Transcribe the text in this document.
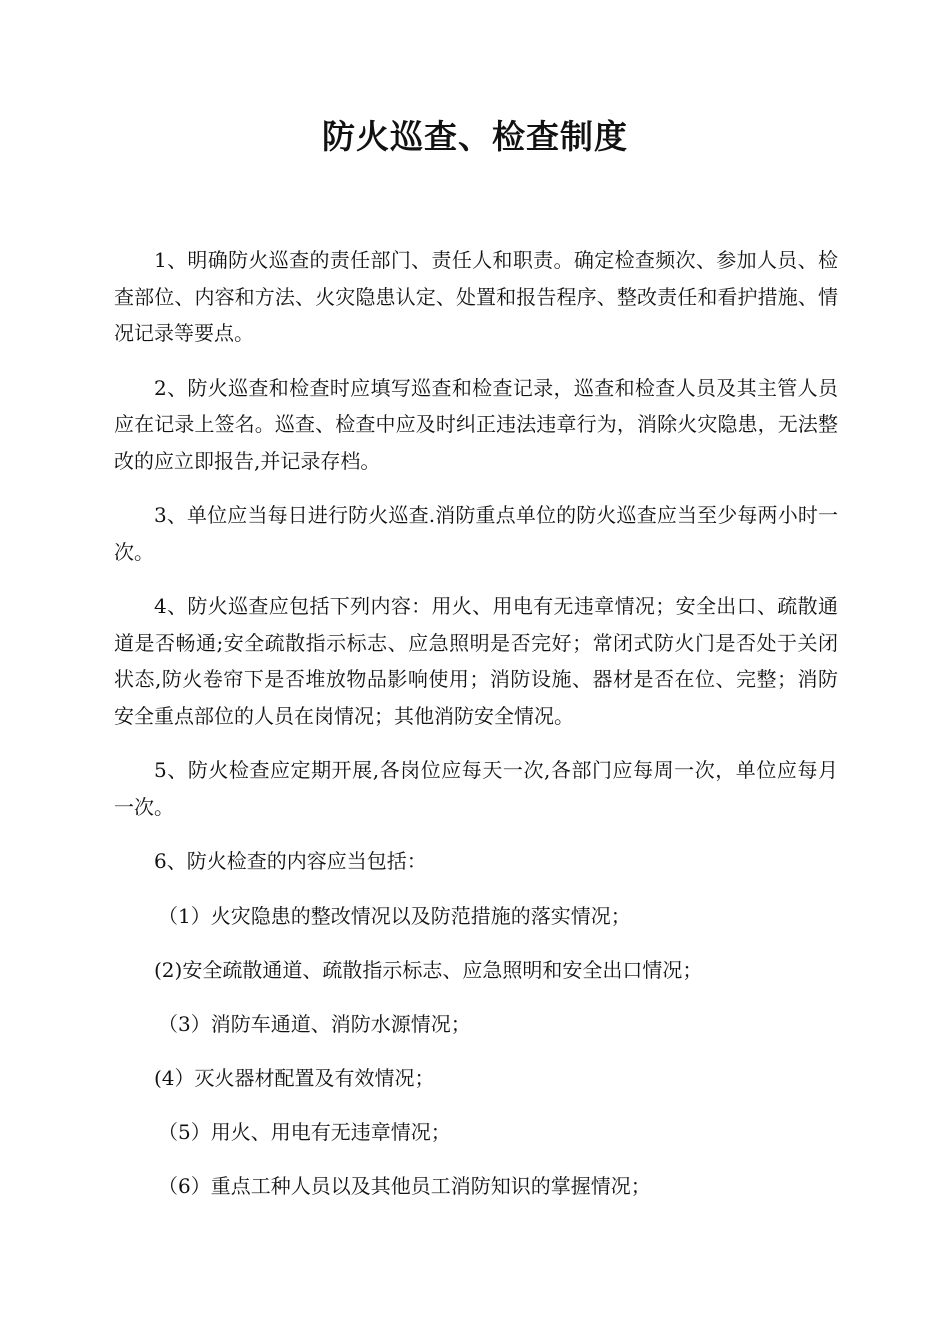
防火巡查、检查制度

1、明确防火巡查的责任部门、责任人和职责。确定检查频次、参加人员、检查部位、内容和方法、火灾隐患认定、处置和报告程序、整改责任和看护措施、情况记录等要点。

2、防火巡查和检查时应填写巡查和检查记录，巡查和检查人员及其主管人员应在记录上签名。巡查、检查中应及时纠正违法违章行为，消除火灾隐患，无法整改的应立即报告,并记录存档。

3、单位应当每日进行防火巡查.消防重点单位的防火巡查应当至少每两小时一次。

4、防火巡查应包括下列内容：用火、用电有无违章情况；安全出口、疏散通道是否畅通;安全疏散指示标志、应急照明是否完好；常闭式防火门是否处于关闭状态,防火卷帘下是否堆放物品影响使用；消防设施、器材是否在位、完整；消防安全重点部位的人员在岗情况；其他消防安全情况。

5、防火检查应定期开展,各岗位应每天一次,各部门应每周一次，单位应每月一次。

6、防火检查的内容应当包括：

（1）火灾隐患的整改情况以及防范措施的落实情况；

(2)安全疏散通道、疏散指示标志、应急照明和安全出口情况；

（3）消防车通道、消防水源情况；

(4）灭火器材配置及有效情况；

（5）用火、用电有无违章情况；

（6）重点工种人员以及其他员工消防知识的掌握情况；
